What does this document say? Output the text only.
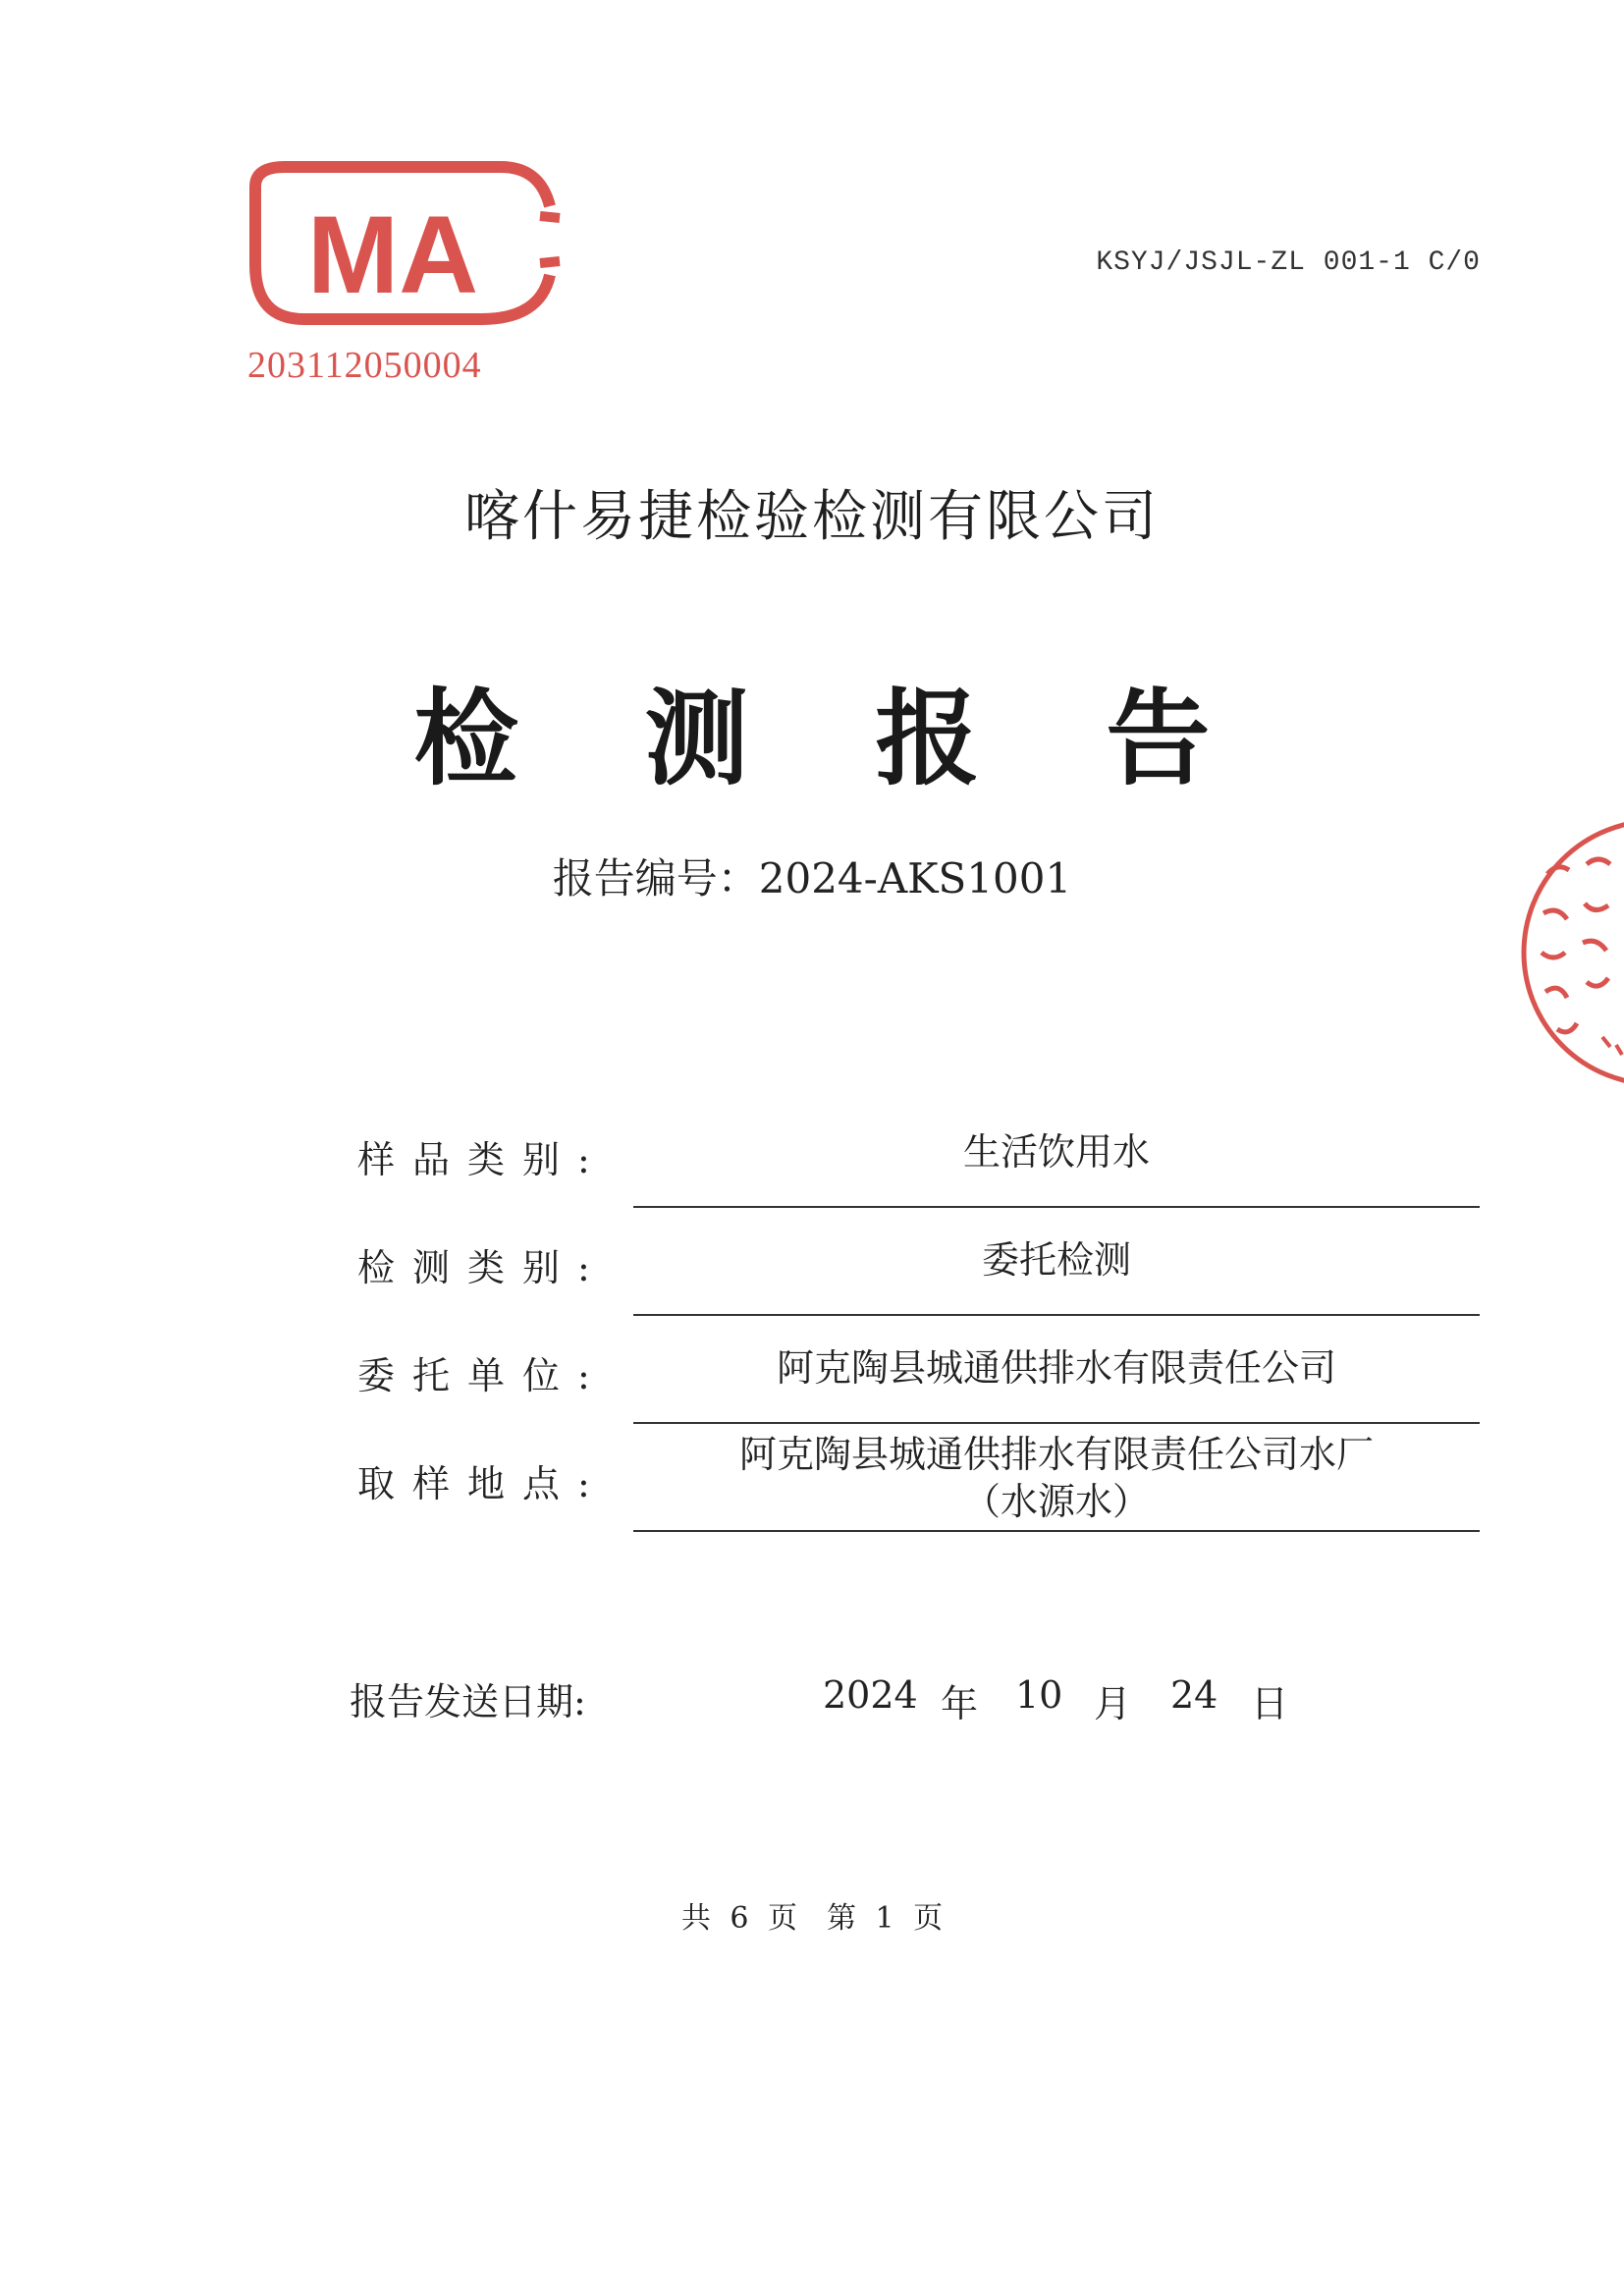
MA
203112050004
KSYJ/JSJL-ZL 001-1 C/0
喀什易捷检验检测有限公司
检 测 报 告
报告编号：2024-AKS1001
样品类别:	生活饮用水
检测类别:	委托检测
委托单位:	阿克陶县城通供排水有限责任公司
取样地点:
阿克陶县城通供排水有限责任公司水厂
（水源水）
报告发送日期:	2024 年 10 月 24 日
共 6 页　第 1 页
